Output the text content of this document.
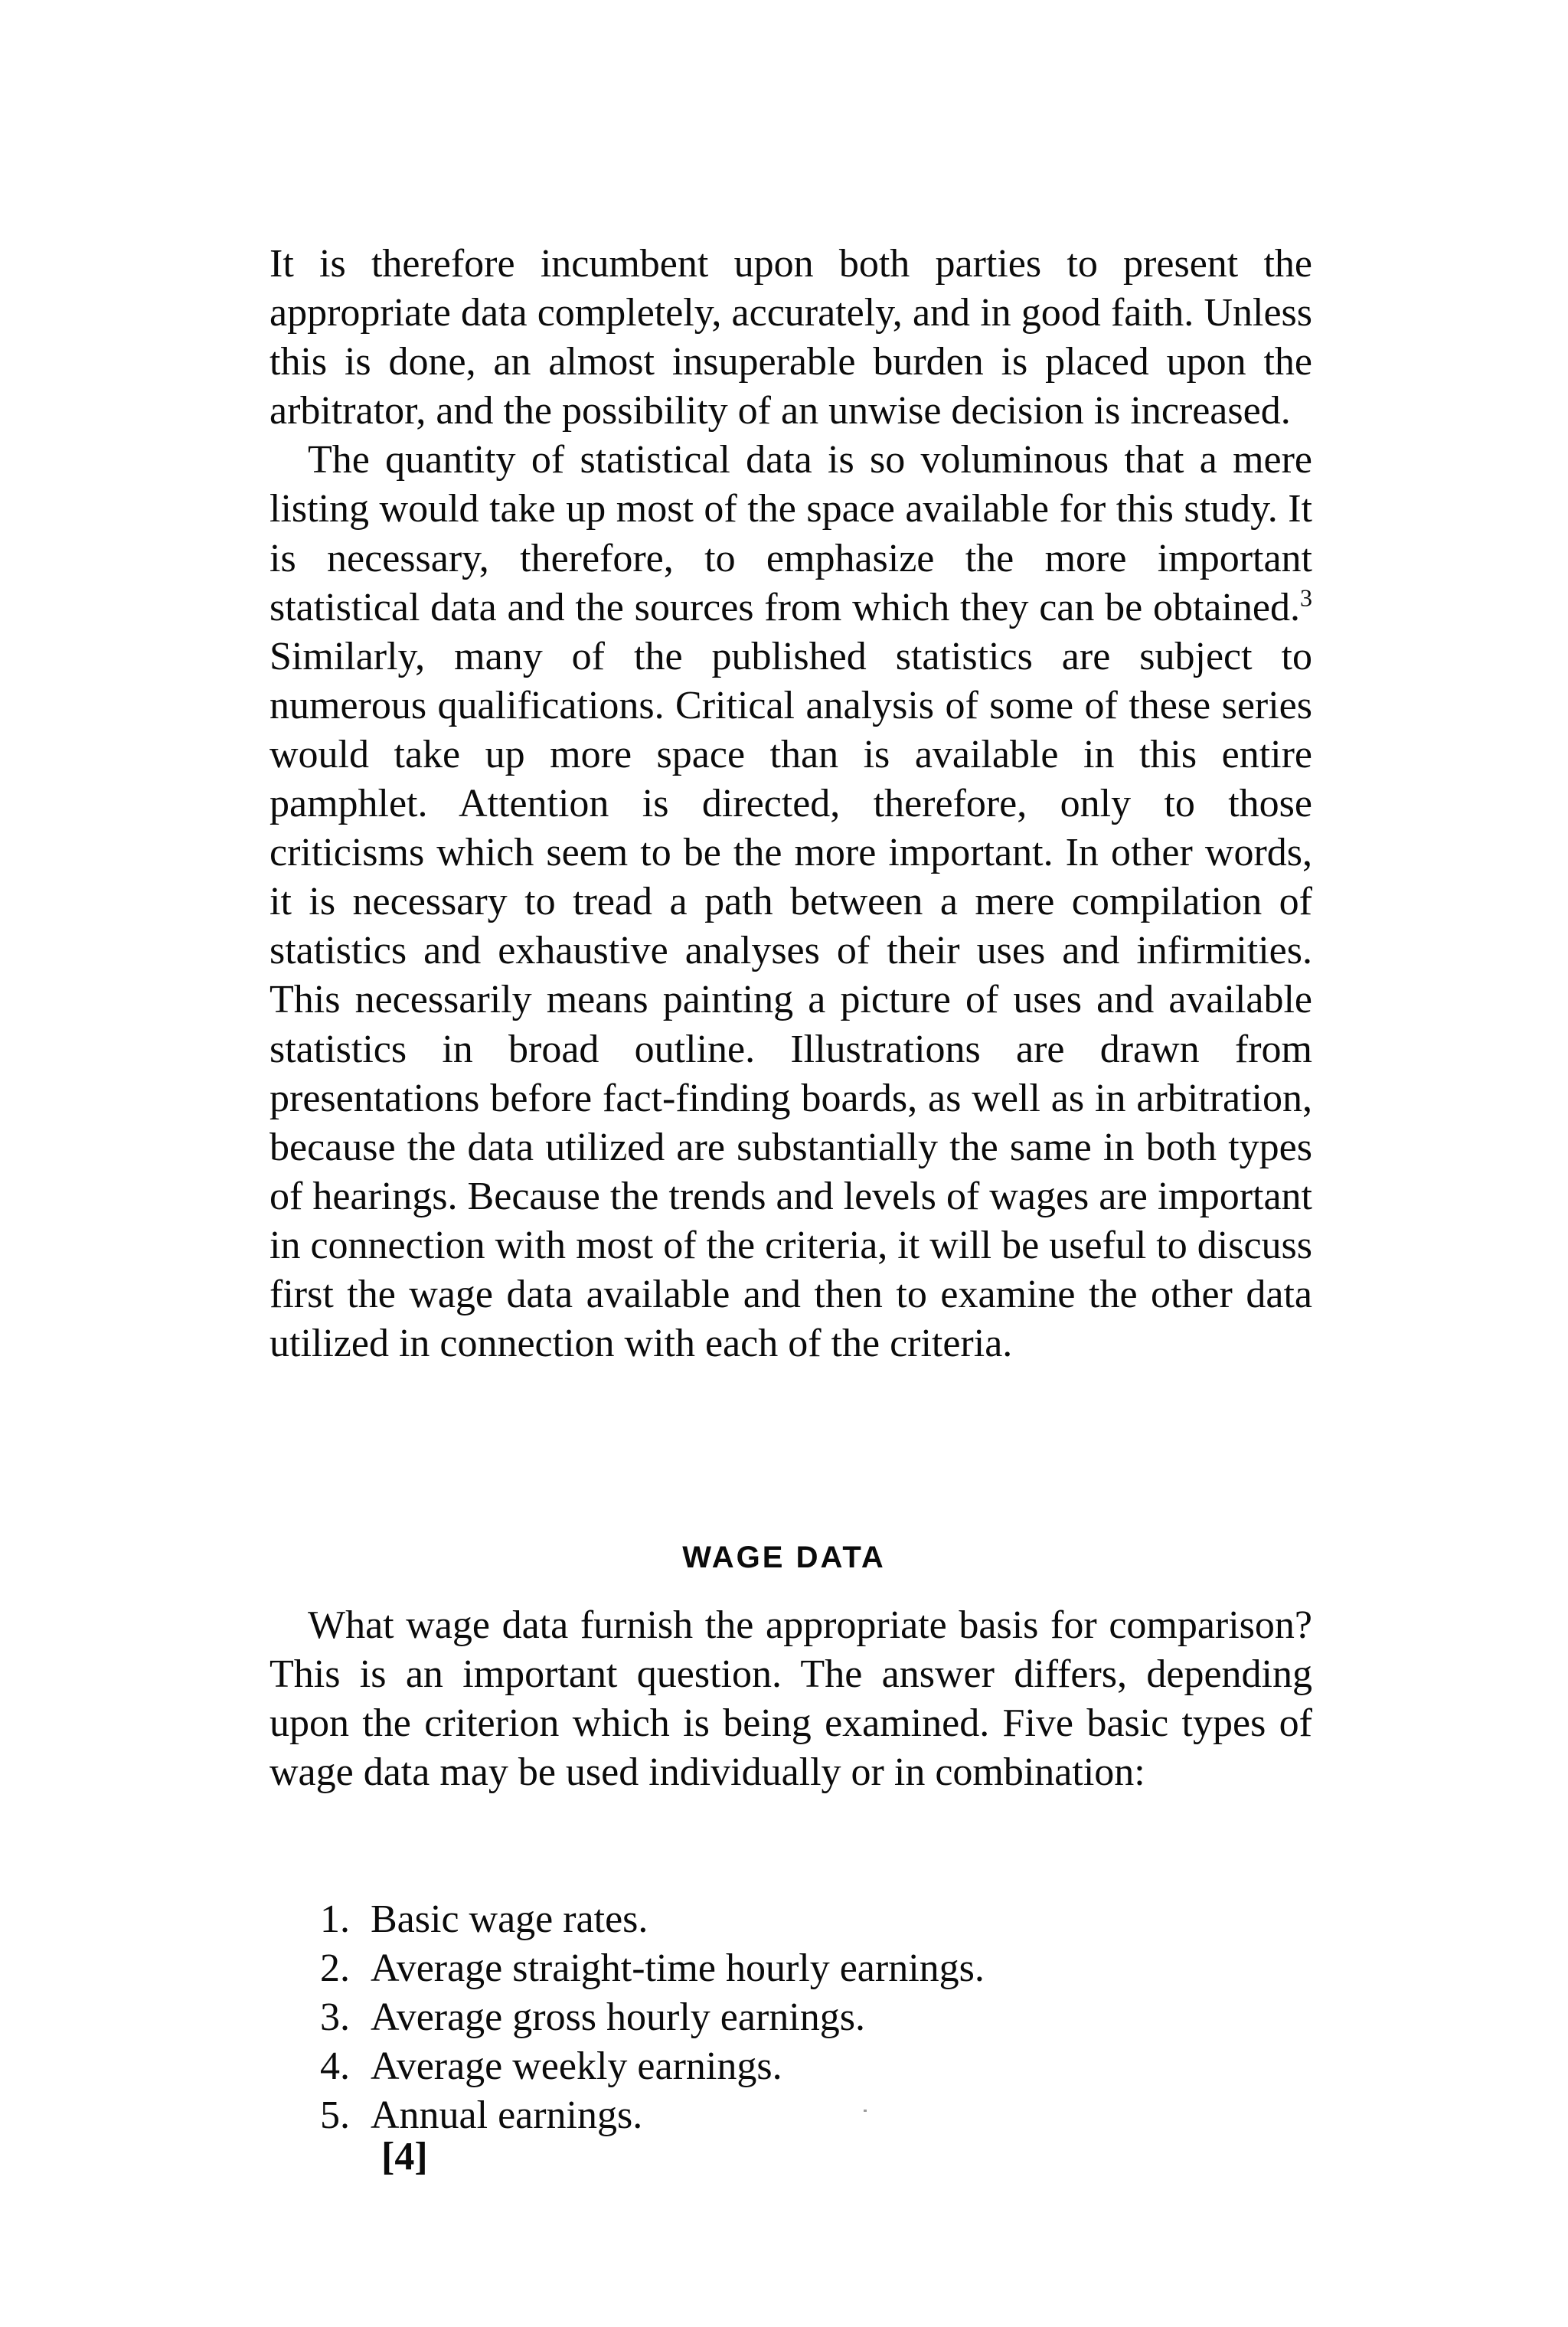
It is therefore incumbent upon both parties to present the appropriate data completely, accurately, and in good faith. Unless this is done, an almost insuperable burden is placed upon the arbitrator, and the possibility of an unwise decision is increased.

The quantity of statistical data is so voluminous that a mere listing would take up most of the space available for this study. It is necessary, therefore, to emphasize the more important statistical data and the sources from which they can be obtained.$^3$ Similarly, many of the published statistics are subject to numerous qualifications. Critical analysis of some of these series would take up more space than is available in this entire pamphlet. Attention is directed, therefore, only to those criticisms which seem to be the more important. In other words, it is necessary to tread a path between a mere compilation of statistics and exhaustive analyses of their uses and infirmities. This necessarily means painting a picture of uses and available statistics in broad outline. Illustrations are drawn from presentations before fact-finding boards, as well as in arbitration, because the data utilized are substantially the same in both types of hearings. Because the trends and levels of wages are important in connection with most of the criteria, it will be useful to discuss first the wage data available and then to examine the other data utilized in connection with each of the criteria.

WAGE DATA

What wage data furnish the appropriate basis for comparison? This is an important question. The answer differs, depending upon the criterion which is being examined. Five basic types of wage data may be used individually or in combination:

1. Basic wage rates.
2. Average straight-time hourly earnings.
3. Average gross hourly earnings.
4. Average weekly earnings.
5. Annual earnings.
[4]
